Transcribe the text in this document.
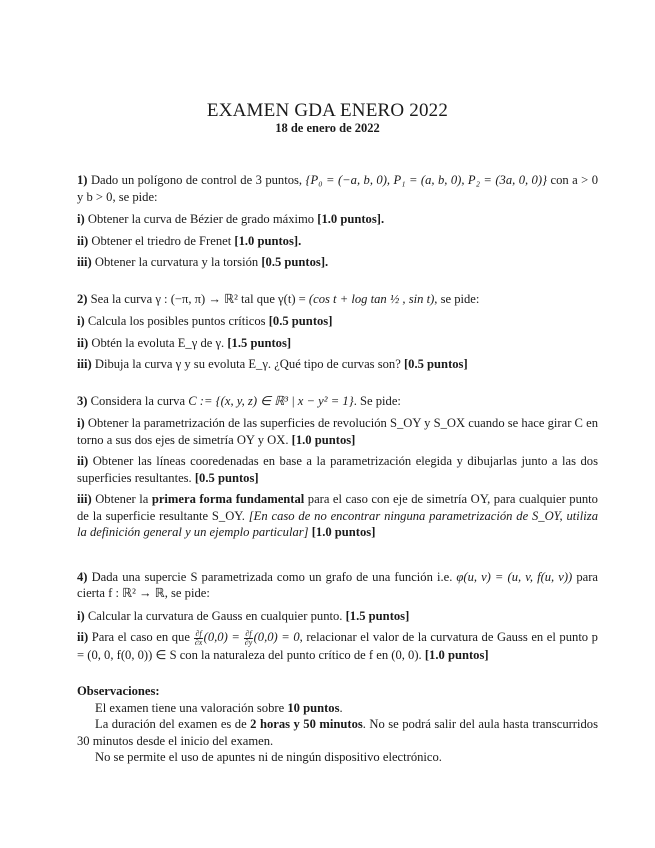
EXAMEN GDA ENERO 2022
18 de enero de 2022

1) Dado un polígono de control de 3 puntos, {P₀ = (−a, b, 0), P₁ = (a, b, 0), P₂ = (3a, 0, 0)} con a > 0 y b > 0, se pide:

i) Obtener la curva de Bézier de grado máximo [1.0 puntos].

ii) Obtener el triedro de Frenet [1.0 puntos].

iii) Obtener la curvatura y la torsión [0.5 puntos].

2) Sea la curva γ : (−π, π) → ℝ² tal que γ(t) = (cos t + log tan ½ , sin t), se pide:

i) Calcula los posibles puntos críticos [0.5 puntos]

ii) Obtén la evoluta E_γ de γ. [1.5 puntos]

iii) Dibuja la curva γ y su evoluta E_γ. ¿Qué tipo de curvas son? [0.5 puntos]

3) Considera la curva C := {(x, y, z) ∈ ℝ³ | x − y² = 1}. Se pide:

i) Obtener la parametrización de las superficies de revolución S_OY y S_OX cuando se hace girar C en torno a sus dos ejes de simetría OY y OX. [1.0 puntos]

ii) Obtener las líneas cooredenadas en base a la parametrización elegida y dibujarlas junto a las dos superficies resultantes. [0.5 puntos]

iii) Obtener la primera forma fundamental para el caso con eje de simetría OY, para cualquier punto de la superficie resultante S_OY. [En caso de no encontrar ninguna parametrización de S_OY, utiliza la definición general y un ejemplo particular] [1.0 puntos]

4) Dada una supercie S parametrizada como un grafo de una función i.e. φ(u, v) = (u, v, f(u, v)) para cierta f : ℝ² → ℝ, se pide:

i) Calcular la curvatura de Gauss en cualquier punto. [1.5 puntos]

ii) Para el caso en que $\frac{\partial f}{\partial x} (0,0) = \frac{\partial f}{\partial y} (0,0) = 0$, relacionar el valor de la curvatura de Gauss en el punto p = (0, 0, f(0, 0)) ∈ S con la naturaleza del punto crítico de f en (0, 0). [1.0 puntos]

Observaciones:

El examen tiene una valoración sobre 10 puntos.

La duración del examen es de 2 horas y 50 minutos. No se podrá salir del aula hasta transcurridos 30 minutos desde el inicio del examen.

No se permite el uso de apuntes ni de ningún dispositivo electrónico.
